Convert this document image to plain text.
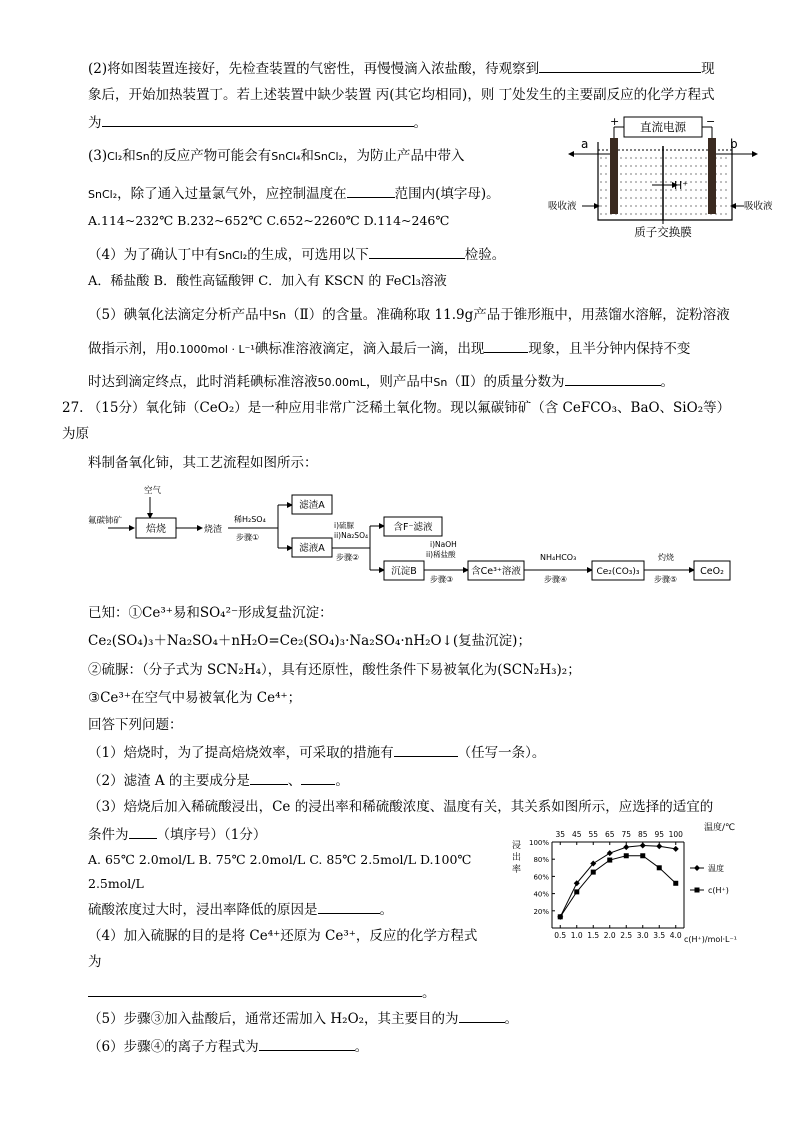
(2)将如图装置连接好，先检查装置的气密性，再慢慢滴入浓盐酸，待观察到	现
象后，开始加热装置丁。若上述装置中缺少装置 丙(其它均相同)，则 丁处发生的主要副反应的化学方程式
为	。
(3)Cl₂和Sn的反应产物可能会有SnCl₄和SnCl₂，为防止产品中带入
SnCl₂，除了通入过量氯气外，应控制温度在	范围内(填字母)。
A.114~232℃ B.232~652℃ C.652~2260℃ D.114~246℃
（4）为了确认丁中有SnCl₂的生成，可选用以下	检验。
A．稀盐酸 B．酸性高锰酸钾 C．加入有 KSCN 的 FeCl₃溶液
（5）碘氧化法滴定分析产品中Sn（Ⅱ）的含量。准确称取 11.9g产品于锥形瓶中，用蒸馏水溶解，淀粉溶液
做指示剂，用0.1000mol · L⁻¹碘标准溶液滴定，滴入最后一滴，出现	现象，且半分钟内保持不变
时达到滴定终点，此时消耗碘标准溶液50.00mL，则产品中Sn（Ⅱ）的质量分数为	。
+	−
直流电源
H⁺
a	b
吸收液	吸收液
质子交换膜
27. （15分）氧化铈（CeO₂）是一种应用非常广泛稀土氧化物。现以氟碳铈矿（含 CeFCO₃、BaO、SiO₂等）
为原
料制备氧化铈，其工艺流程如图所示：
氟碳铈矿
空气
焙烧	烧渣
稀H₂SO₄
步骤①
滤渣A
滤液A
i)硫脲
ii)Na₂SO₄
步骤②
含F⁻滤液
沉淀B
i)NaOH
ii)稀盐酸
步骤③
含Ce³⁺溶液
NH₄HCO₃
步骤④
Ce₂(CO₃)₃
灼烧
步骤⑤
CeO₂
已知：①Ce³⁺易和SO₄²⁻形成复盐沉淀：
Ce₂(SO₄)₃＋Na₂SO₄＋nH₂O=Ce₂(SO₄)₃·Na₂SO₄·nH₂O↓(复盐沉淀)；
②硫脲：（分子式为 SCN₂H₄），具有还原性，酸性条件下易被氧化为(SCN₂H₃)₂；
③Ce³⁺在空气中易被氧化为 Ce⁴⁺；
回答下列问题：
（1）焙烧时，为了提高焙烧效率，可采取的措施有	（任写一条）。
（2）滤渣 A 的主要成分是	、	。
（3）焙烧后加入稀硫酸浸出，Ce 的浸出率和稀硫酸浓度、温度有关，其关系如图所示，应选择的适宜的
条件为 （填序号）（1分）
A. 65℃ 2.0mol/L B. 75℃ 2.0mol/L C. 85℃ 2.5mol/L D.100℃
2.5mol/L
硫酸浓度过大时，浸出率降低的原因是	。
（4）加入硫脲的目的是将 Ce⁴⁺还原为 Ce³⁺，反应的化学方程式
为
。
（5）步骤③加入盐酸后，通常还需加入 H₂O₂，其主要目的为	。
（6）步骤④的离子方程式为	。
浸
出
率
20%
40%
60%
80%
100%
0.5 1.0 1.5 2.0 2.5 3.0 3.5 4.0
35 45 55 65 75 85 95 100
温度
c(H⁺)
温度/℃
c(H⁺)/mol·L⁻¹
